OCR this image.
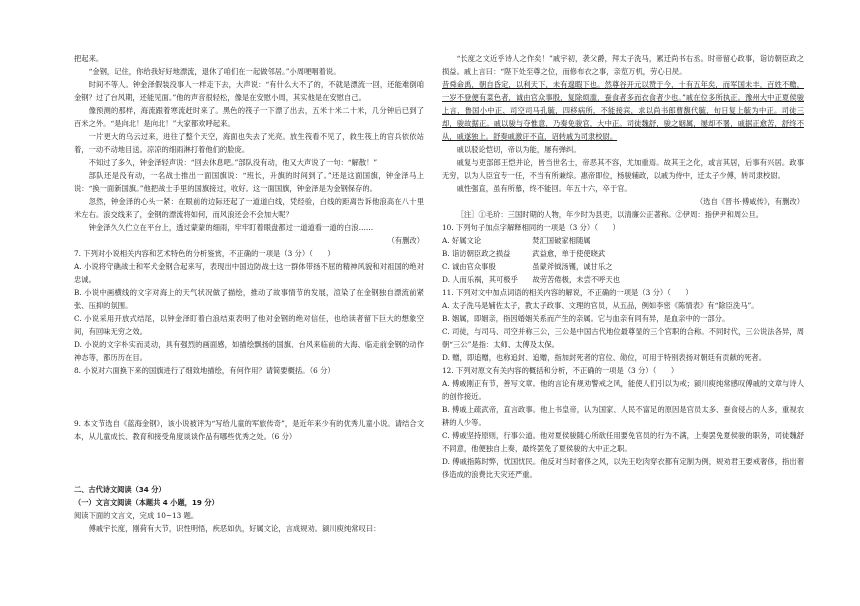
把起来。

“金钢，记住，你给我好好地漂流，退休了咱们在一起做邻居。”小周哽咽着说。

时间不等人。钟金泽假装没事人一样走下去，大声说：“有什么大不了的，不就是漂流一回，还能难倒咱金钢？过了台风期，还能见面。”他的声音很轻松，像是在安慰小周，其实他是在安慰自己。

像预测的那样，海流跟着寒流赶时来了。黑色的筏子一下漂了出去，五米十米二十米，几分钟后已到了百米之外。“是向北！是向北！”大家都欢呼起来。

一片更大的乌云过来，进往了整个天空，海面也失去了光亮。放生筏看不见了，救生筏上的官兵依依站着，一动不动地目送。凉凉的细雨淋打着他们的脸庞。

不知过了多久，钟金泽轻声说：“回去休息吧。”部队没有动，他又大声说了一句：“解散！”

部队还是没有动，一名战士推出一面国旗说：“班长，升旗的时间到了。”还是这面国旗，钟金泽马上说：“换一面新国旗。”他把战士手里的国旗接过，收好。这一面国旗，钟金泽是为金钢保存的。

忽然，钟金泽的心头一紧：在眼前的边际还起了一道道白线，凭经验，白线的距离告诉他浪高在八十里米左右。浪交线来了，金钢的漂流将如何，而风浪还会不会加大呢？

钟金泽久久伫立在平台上，透过蒙蒙的细雨，牢牢盯着眼盘都过一道道看一道的白浪……

（有删改）

7. 下列对小说相关内容和艺术特色的分析鉴赏，不正确的一项是（3 分）（　　）

A. 小说将守礁战士和军犬金钢合起来写，表现出中国边防战士这一群体带扬不屈的精神风貌和对祖国的绝对忠诚。

B. 小说中画横线的文字对海上的天气状况做了描绘，推动了故事情节的发展，渲染了在金钢独自漂流前紧张、压抑的氛围。

C. 小说采用开放式结尾，以钟金泽盯着白浪结束表明了他对金钢的绝对信任，也给读者留下巨大的想象空间，有回味无穷之效。

D. 小说的文字朴实而灵动，具有强烈的画面感，如描绘飘扬的国旗、台风来临前的大海、临走前金钢的动作神态等，都历历在目。

8. 小说对六面换下来的国旗进行了细致地描绘，有何作用？请简要概括。（6 分）

9. 本文节选自《蓝海金钢》，该小说被评为“写给儿童的军旅传奇”，是近年来少有的优秀儿童小说。请结合文本，从儿童成长、教育和接受角度谈谈作品有哪些优秀之处。（6 分）

二、古代诗文阅读（34 分）

（一）文言文阅读（本题共 4 小题，19 分）

阅读下面的文言文，完成 10~13 题。

傅戚宇长度，刚荷有大节，识性明悟，疾恶如仇，好属文论，言成规劝。颍川庾纯常叹曰：

“长度之文近乎诗人之作矣！”戚宇初，袭父爵，拜太子洗马，累迁尚书右丞。时帝留心政事，诣访朝臣政之损益。戚上言曰：“陛下处至尊之位，而修布衣之事，亲览万机，劳心日昃。

昔舜命禹，朝自昏定，以利天下，未有遑暇下也。然尊谷开元以赞于今，十有五年矣，而军国未丰，百姓不赡，一岁不登便有菜色者，诚由官众事殷，复除烦滥，蚕食者多而衣食者少也。”戚在位多所执正。豫州大中正夏侯骏上言，鲁国小中正、司空司马孔毓，四移病所，不能接宾，求以尚书郎曹馥代毓，旬日复上毓为中正。司徒三却，骏故据正。戚以骏与夺惟意，乃奏免骏官，大中正。司徒魏舒，骏之姻属，屡却不署，戚据正愈苦，舒终不从，戚遂独上。舒奏戚激讦不直，诏转戚为司隶校尉。

戚以驳论恺切，帝以为能，屡有弹纠。

戚复与吏部郎王恺并论，皆当世名士，帝恶其不容，尤加重焉。故其王之化，或言其居，后事有兴居。政事无穷，以为人臣宜专一任，不当有所兼综。惠帝即位，杨骏辅政，以戚为侍中，迁太子少傅，转司隶校尉。

戚性强直，虽有所慕，终不能回。年五十六，卒于官。

（选自《晋书·傅咸传》，有删改）

［注］①毛玠：三国时期的人物，年少时为县吏，以清廉公正著称。②伊周：指伊尹和周公旦。

10. 下列句子加点字解释相同的一项是（3 分）（　　）

A. 好属文论　　　　　　　焚汇国破家相随属

B. 诣访朝臣政之损益　　　武益愈，单于使使晓武

C. 诚由官众事殷　　　　　虽蒙斧钺汤镬，诚甘乐之

D. 人而乐祸，其可极乎　　故劳苦倦极，未尝不呼天也

11. 下列对文中加点词语的相关内容的解说，不正确的一项是（3 分）（　　）

A. 太子洗马是辅佐太子，教太子政事、文理的官员，从五品，例如李密《陈情表》有“除臣洗马”。

B. 姻属，即姻亲，指因婚姻关系而产生的亲属。它与血亲有同有异，是血亲中的一部分。

C. 司徒，与司马、司空并称三公，三公是中国古代地位最尊显的三个官职的合称。不同时代，三公说法各异，周朝“三公”是指：太师、太傅及太保。

D. 赠，即追赠，也称追封、追赠，指加封死者的官位、勋位，可用于特别表扬对朝廷有贡献的死者。

12. 下列对原文有关内容的概括和分析，不正确的一项是（3 分）（　　）

A. 傅戚刚正有节，善写文章。他的言论有规劝警戒之风，能使人们引以为戒；颍川庾纯常感叹傅戚的文章与诗人的创作接近。

B. 傅戚上疏武帝，直言政事。他上书皇帝，认为国家、人民不富足的原因是官员太多、蚕食侵占的人多，重视农耕的人少等。

C. 傅戚坚持原则，行事公道。他对夏侯骏随心所欲任用要免官员的行为不满，上奏罢免夏侯骏的职务，司徒魏舒不同意，他便独自上奏，最终罢免了夏侯骏的大中正之职。

D. 傅戚指陈时弊，忧国忧民。他反对当时奢侈之风，以先王吃肉穿衣都有定制为例，规劝君王要戒奢侈，指出奢侈造成的浪费比天灾还严重。
